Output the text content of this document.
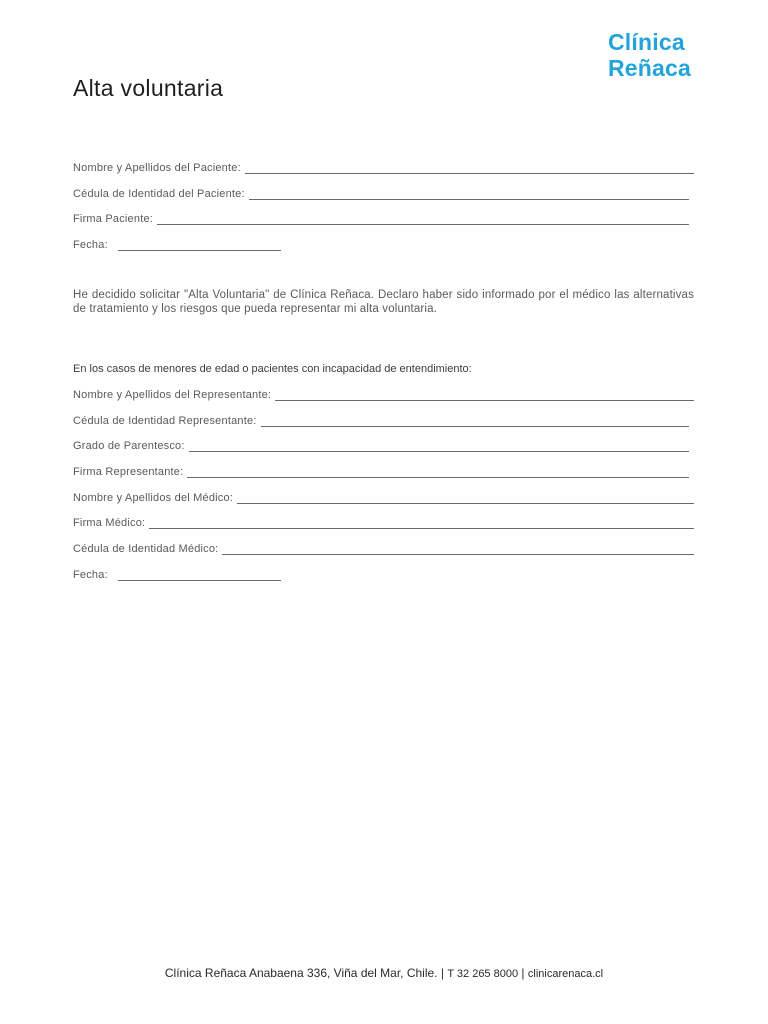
Clínica
Reñaca
Alta voluntaria
Nombre y Apellidos del Paciente:
Cédula de Identidad del Paciente:
Firma Paciente:
Fecha:

He decidido solicitar "Alta Voluntaria" de Clínica Reñaca. Declaro haber sido informado por el médico las alternativas de tratamiento y los riesgos que pueda representar mi alta voluntaria.

En los casos de menores de edad o pacientes con incapacidad de entendimiento:
Nombre y Apellidos del Representante:
Cédula de Identidad Representante:
Grado de Parentesco:
Firma Representante:
Nombre y Apellidos del Médico:
Firma Médico:
Cédula de Identidad Médico:
Fecha:
Clínica Reñaca Anabaena 336, Viña del Mar, Chile. | T 32 265 8000 | clinicarenaca.cl
